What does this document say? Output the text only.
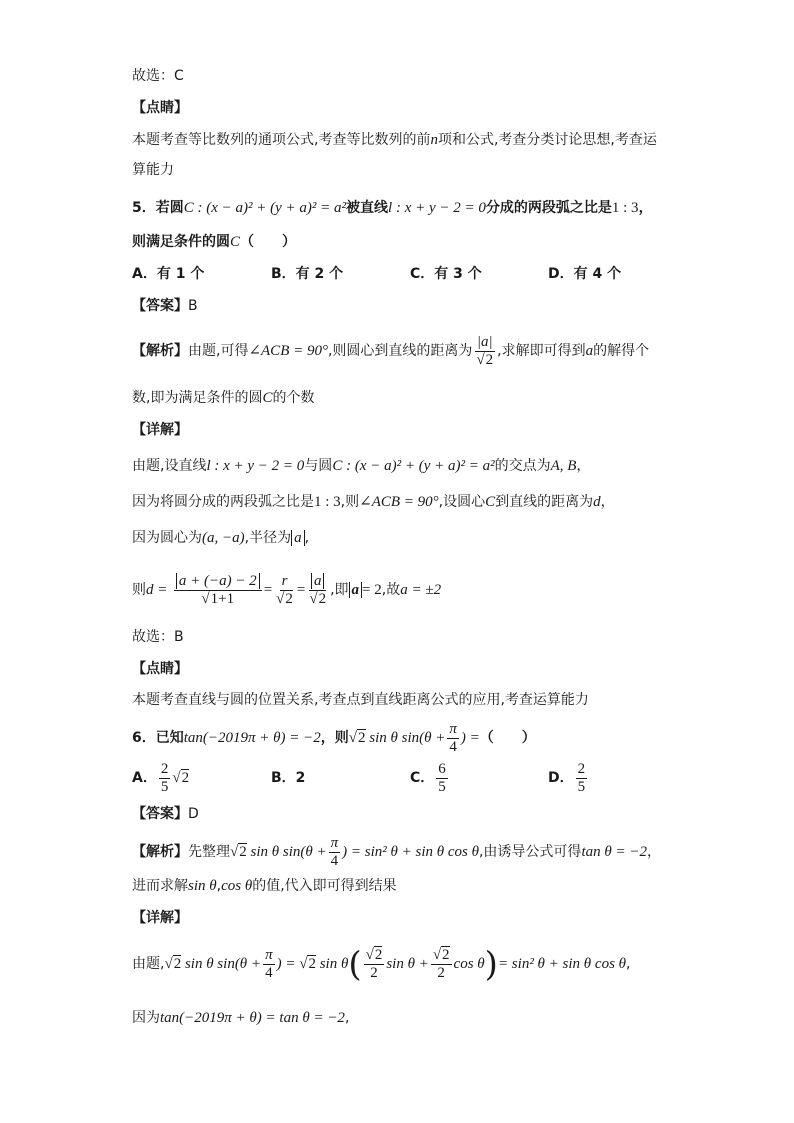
故选：C
【点睛】
本题考查等比数列的通项公式,考查等比数列的前n项和公式,考查分类讨论思想,考查运
算能力
5．若圆C : (x − a)² + (y + a)² = a²被直线l : x + y − 2 = 0分成的两段弧之比是1 : 3，
则满足条件的圆C（　　）
A．有 1 个	B．有 2 个	C．有 3 个	D．有 4 个
【答案】B
【解析】由题,可得∠ACB = 90°,则圆心到直线的距离为 $\frac{|a|}{√2}$ ,求解即可得到a的解得个
数,即为满足条件的圆C的个数
【详解】
由题,设直线l : x + y − 2 = 0与圆C : (x − a)² + (y + a)² = a²的交点为A, B，
因为将圆分成的两段弧之比是1 : 3,则∠ACB = 90°,设圆心C到直线的距离为d，
因为圆心为(a, −a),半径为 a ,
则$d = \frac{a + (-a) - 2}{√1+1} = \frac{r}{√2} = \frac{a}{√2}$ ,即 a = 2,故a = ±2
故选：B
【点睛】
本题考查直线与圆的位置关系,考查点到直线距离公式的应用,考查运算能力
6．已知tan(−2019π + θ) = −2，则√2 sin θ $\sin(\theta + \frac{\pi}{4}$ ) =（　　）
A． $\frac{2}{5} √2$	B．2	C． $\frac{6}{5}$	D． $\frac{2}{5}$
【答案】D
【解析】先整理√2 sin θ $\sin(\theta + \frac{\pi}{4}$ ) = sin² θ + sin θ cos θ,由诱导公式可得tan θ = −2，
进而求解sin θ,cos θ的值,代入即可得到结果
【详解】
由题,√2 sin θ $\sin(\theta + \frac{\pi}{4}$ ) = √2 $\sin \theta( \frac{√2}{2}$ $\sin \theta + \frac{√2}{2}$ cos θ)= sin² θ + sin θ cos θ,
因为tan(−2019π + θ) = tan θ = −2,
